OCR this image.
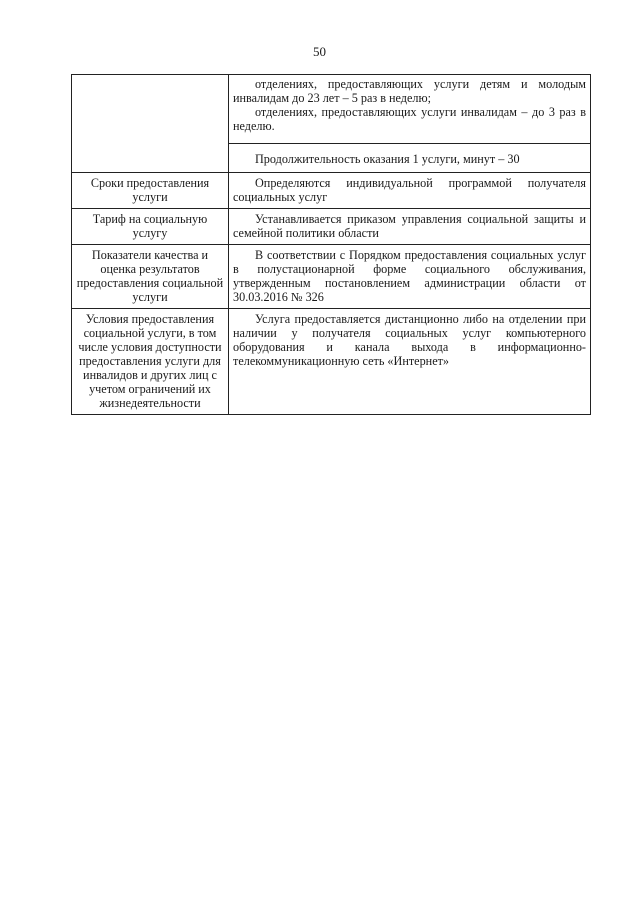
50

	отделениях, предоставляющих услуги детям и молодым инвалидам до 23 лет – 5 раз в неделю;

отделениях, предоставляющих услуги инвалидам – до 3 раз в неделю.

	Продолжительность оказания 1 услуги, минут – 30

Сроки предоставления услуги	Определяются индивидуальной программой получателя социальных услуг

Тариф на социальную услугу	Устанавливается приказом управления социальной защиты и семейной политики области

Показатели качества и оценка результатов предоставления социальной услуги	В соответствии с Порядком предоставления социальных услуг в полустационарной форме социального обслуживания, утвержденным постановлением администрации области от 30.03.2016 № 326

Условия предоставления социальной услуги, в том числе условия доступности предоставления услуги для инвалидов и других лиц с учетом ограничений их жизнедеятельности	Услуга предоставляется дистанционно либо на отделении при наличии у получателя социальных услуг компьютерного оборудования и канала выхода в информационно-телекоммуникационную сеть «Интернет»
